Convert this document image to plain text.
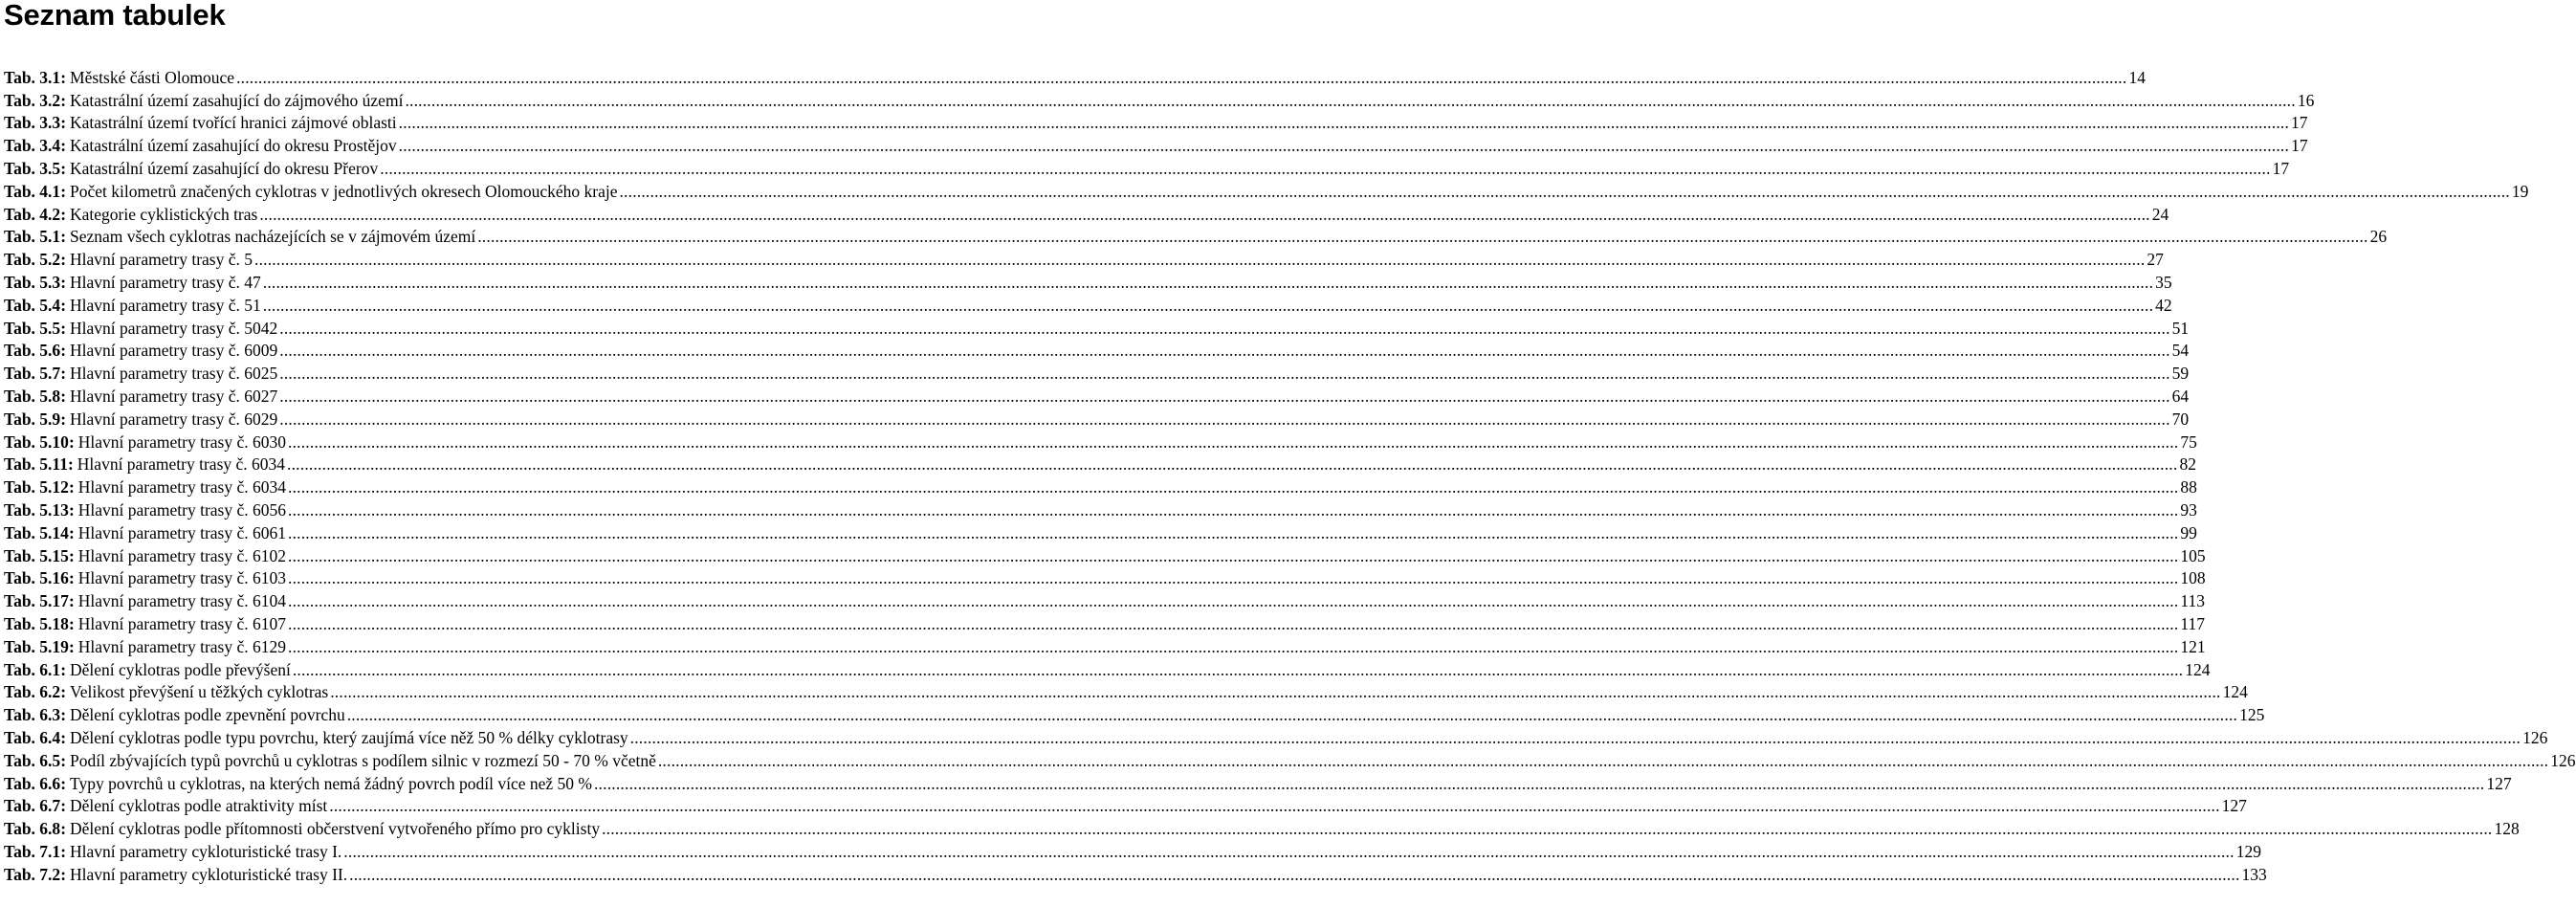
Seznam tabulek
Tab. 3.1 : Městské části Olomouce .....	14
Tab. 3.2 : Katastrální území zasahující do zájmového území .....	16
Tab. 3.3 : Katastrální území tvořící hranici zájmové oblasti .....	17
Tab. 3.4 : Katastrální území zasahující do okresu Prostějov .....	17
Tab. 3.5 : Katastrální území zasahující do okresu Přerov .....	17
Tab. 4.1 : Počet kilometrů značených cyklotras v jednotlivých okresech Olomouckého kraje .....	19
Tab. 4.2 : Kategorie cyklistických tras .....	24
Tab. 5.1 : Seznam všech cyklotras nacházejících se v zájmovém území .....	26
Tab. 5.2 : Hlavní parametry trasy č. 5 .....	27
Tab. 5.3 : Hlavní parametry trasy č. 47 .....	35
Tab. 5.4 : Hlavní parametry trasy č. 51 .....	42
Tab. 5.5 : Hlavní parametry trasy č. 5042 .....	51
Tab. 5.6 : Hlavní parametry trasy č. 6009 .....	54
Tab. 5.7 : Hlavní parametry trasy č. 6025 .....	59
Tab. 5.8 : Hlavní parametry trasy č. 6027 .....	64
Tab. 5.9 : Hlavní parametry trasy č. 6029 .....	70
Tab. 5.10 : Hlavní parametry trasy č. 6030 .....	75
Tab. 5.11 : Hlavní parametry trasy č. 6034 .....	82
Tab. 5.12 : Hlavní parametry trasy č. 6034 .....	88
Tab. 5.13 : Hlavní parametry trasy č. 6056 .....	93
Tab. 5.14 : Hlavní parametry trasy č. 6061 .....	99
Tab. 5.15 : Hlavní parametry trasy č. 6102 .....	105
Tab. 5.16 : Hlavní parametry trasy č. 6103 .....	108
Tab. 5.17 : Hlavní parametry trasy č. 6104 .....	113
Tab. 5.18 : Hlavní parametry trasy č. 6107 .....	117
Tab. 5.19 : Hlavní parametry trasy č. 6129 .....	121
Tab. 6.1 : Dělení cyklotras podle převýšení .....	124
Tab. 6.2 : Velikost převýšení u těžkých cyklotras .....	124
Tab. 6.3 : Dělení cyklotras podle zpevnění povrchu .....	125
Tab. 6.4 : Dělení cyklotras podle typu povrchu, který zaujímá více něž 50 % délky cyklotrasy .....	126
Tab. 6.5 : Podíl zbývajících typů povrchů u cyklotras s podílem silnic v rozmezí 50 - 70 % včetně .....	126
Tab. 6.6 : Typy povrchů u cyklotras, na kterých nemá žádný povrch podíl více než 50 % .....	127
Tab. 6.7 : Dělení cyklotras podle atraktivity míst .....	127
Tab. 6.8 : Dělení cyklotras podle přítomnosti občerstvení vytvořeného přímo pro cyklisty .....	128
Tab. 7.1 : Hlavní parametry cykloturistické trasy I. .....	129
Tab. 7.2 : Hlavní parametry cykloturistické trasy II. .....	133
